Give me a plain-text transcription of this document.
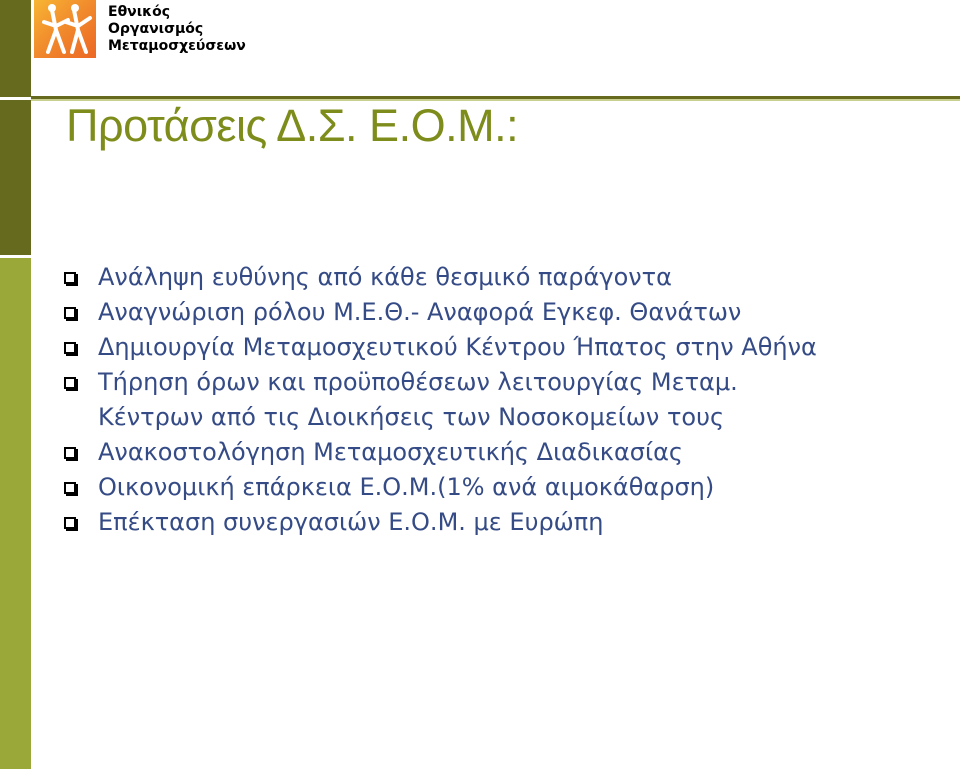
Εθνικός
Οργανισμός
Μεταμοσχεύσεων
Προτάσεις Δ.Σ. Ε.Ο.Μ.:
Ανάληψη ευθύνης από κάθε θεσμικό παράγοντα
Αναγνώριση ρόλου Μ.Ε.Θ.- Αναφορά Εγκεφ. Θανάτων
Δημιουργία Μεταμοσχευτικού Κέντρου Ήπατος στην Αθήνα
Τήρηση όρων και προϋποθέσεων λειτουργίας Μεταμ.
Κέντρων από τις Διοικήσεις των Νοσοκομείων τους
Ανακοστολόγηση Μεταμοσχευτικής Διαδικασίας
Οικονομική επάρκεια Ε.Ο.Μ.(1% ανά αιμοκάθαρση)
Επέκταση συνεργασιών Ε.Ο.Μ. με Ευρώπη
